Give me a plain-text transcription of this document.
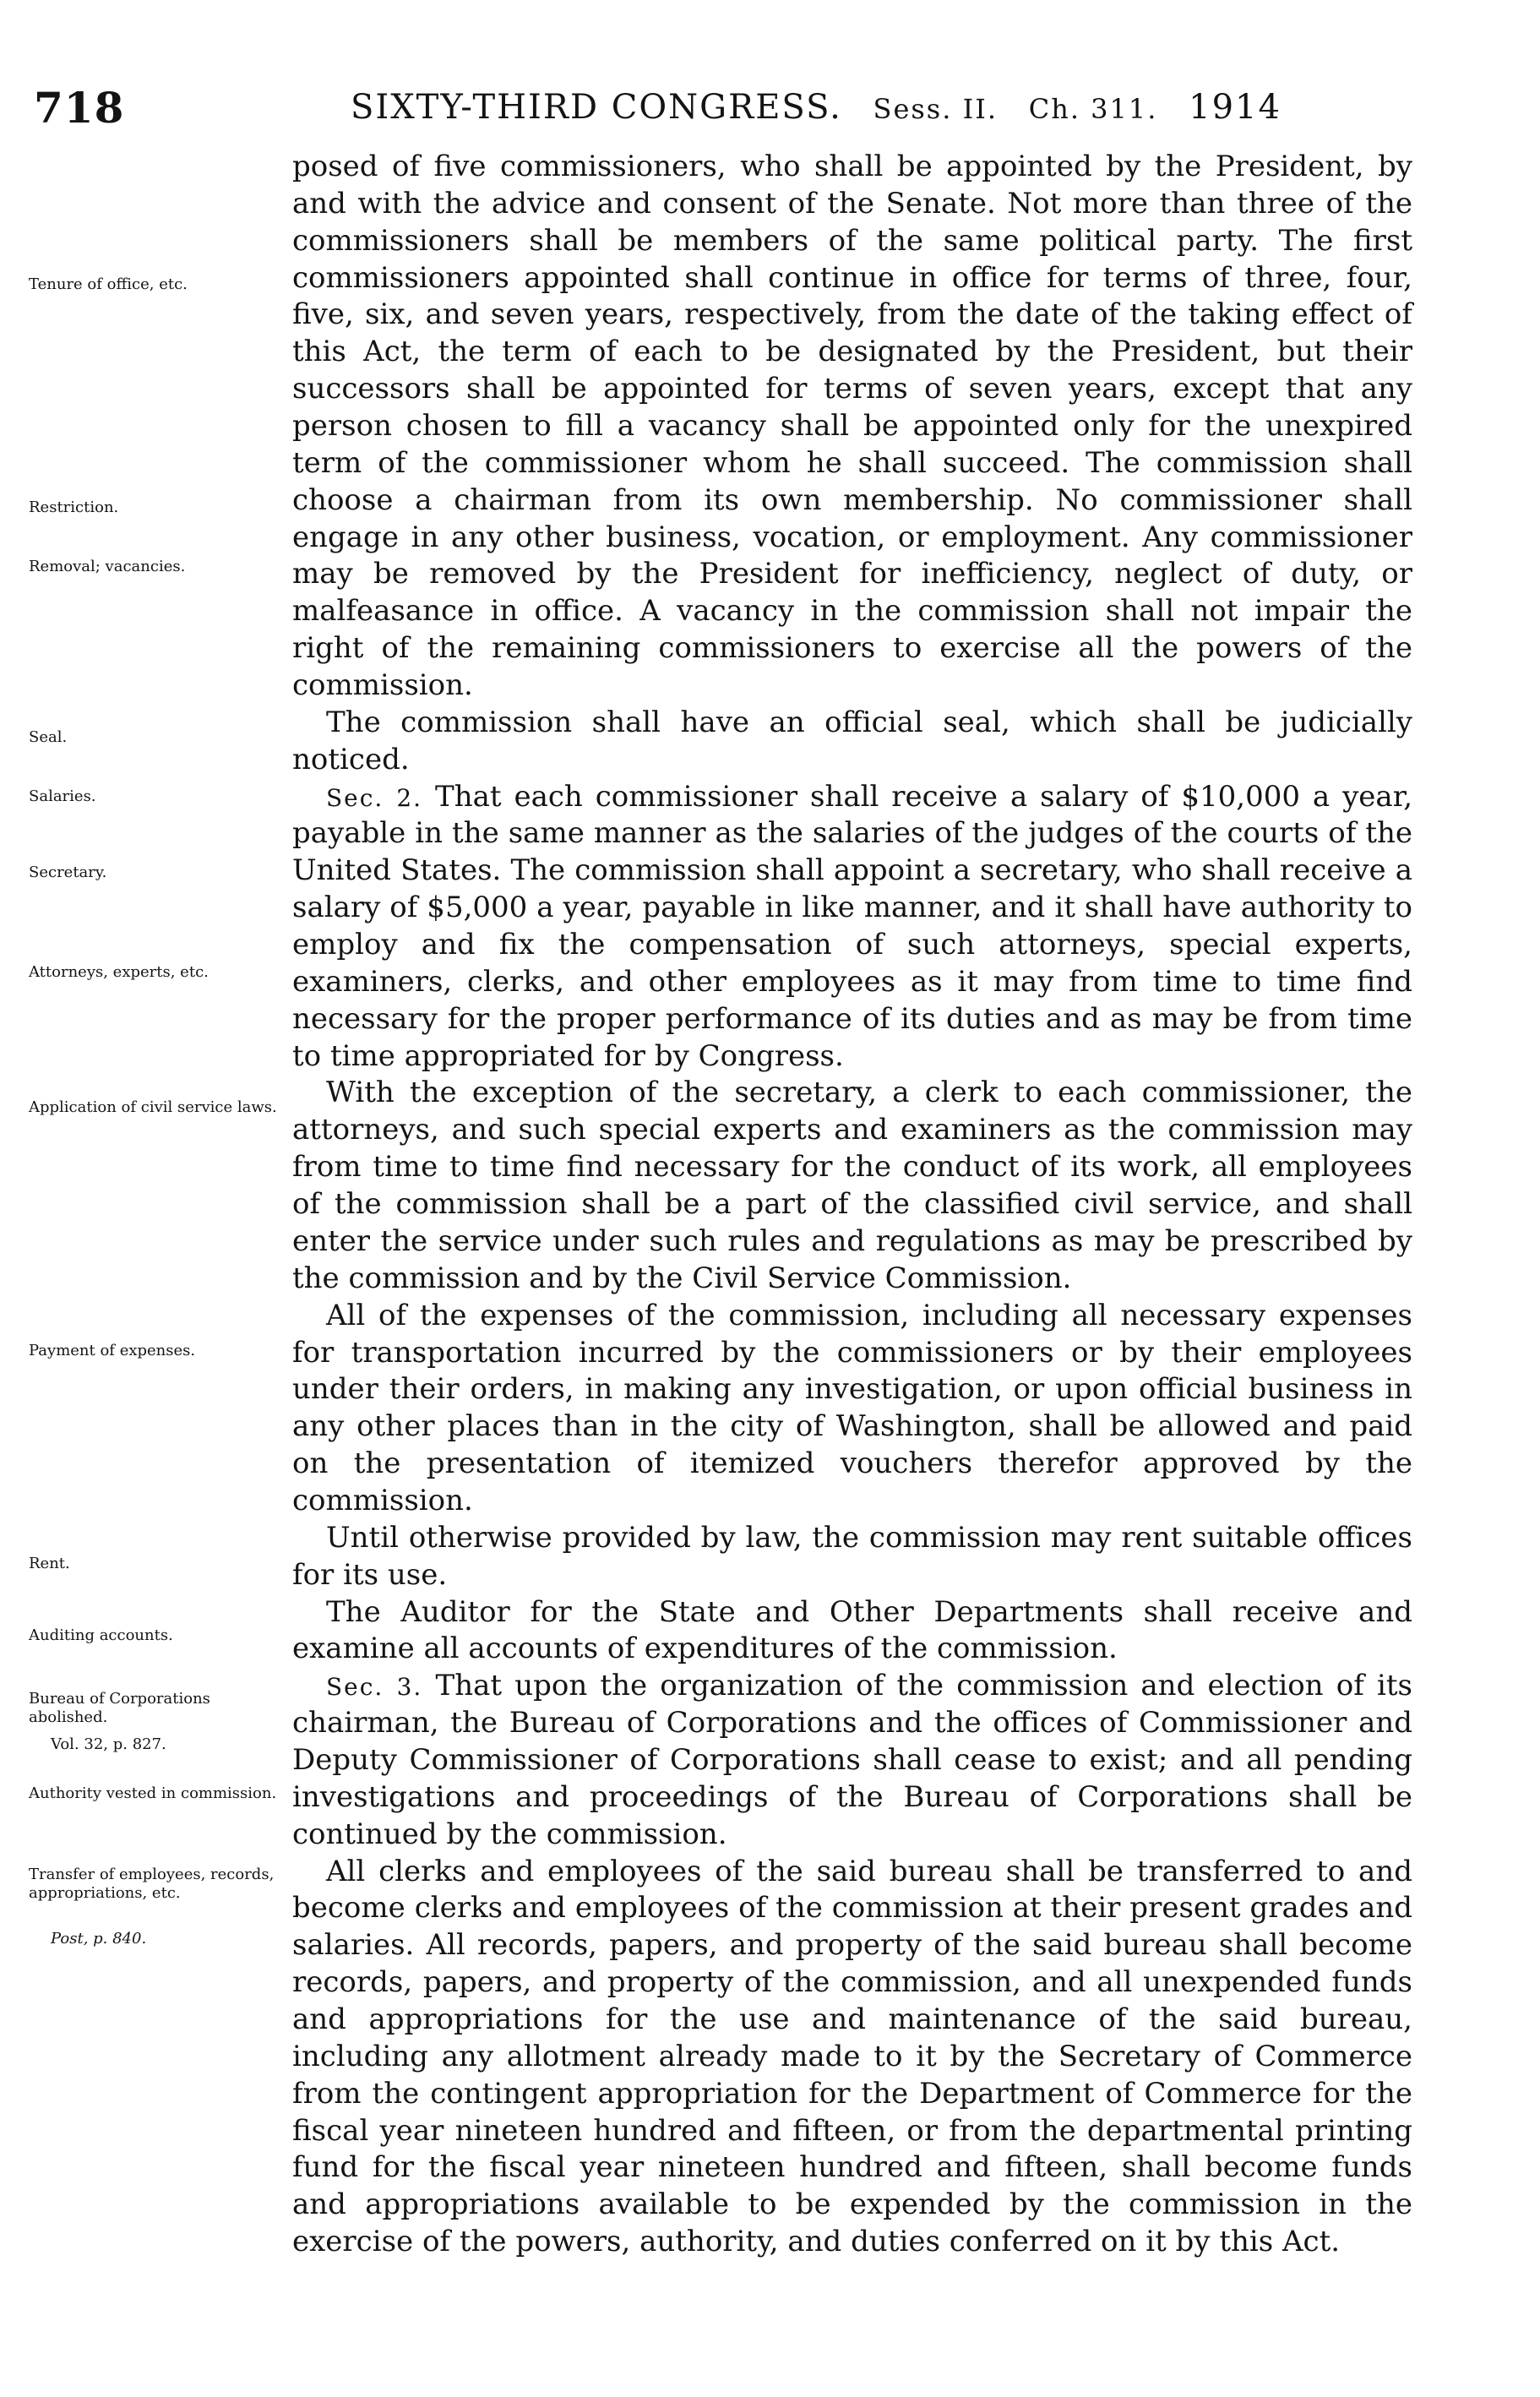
718	SIXTY-THIRD CONGRESS. Sess. II. Ch. 311. 1914
Tenure of office, etc.
Restriction.
Removal; vacancies.
Seal.
Salaries.
Secretary.
Attorneys, experts, etc.
Application of civil service laws.
Payment of expenses.
Rent.
Auditing accounts.
Bureau of Corporations abolished.
Vol. 32, p. 827.
Authority vested in commission.
Transfer of employees, records, appropriations, etc.
Post, p. 840.

posed of five commissioners, who shall be appointed by the President, by and with the advice and consent of the Senate. Not more than three of the commissioners shall be members of the same political party. The first commissioners appointed shall continue in office for terms of three, four, five, six, and seven years, respectively, from the date of the taking effect of this Act, the term of each to be designated by the President, but their successors shall be appointed for terms of seven years, except that any person chosen to fill a vacancy shall be appointed only for the unexpired term of the commissioner whom he shall succeed. The commission shall choose a chairman from its own membership. No commissioner shall engage in any other business, vocation, or employment. Any commissioner may be removed by the President for inefficiency, neglect of duty, or malfeasance in office. A vacancy in the commission shall not impair the right of the remaining commissioners to exercise all the powers of the commission.

The commission shall have an official seal, which shall be judicially noticed.

Sec. 2. That each commissioner shall receive a salary of $10,000 a year, payable in the same manner as the salaries of the judges of the courts of the United States. The commission shall appoint a secretary, who shall receive a salary of $5,000 a year, payable in like manner, and it shall have authority to employ and fix the compensation of such attorneys, special experts, examiners, clerks, and other employees as it may from time to time find necessary for the proper performance of its duties and as may be from time to time appropriated for by Congress.

With the exception of the secretary, a clerk to each commissioner, the attorneys, and such special experts and examiners as the commission may from time to time find necessary for the conduct of its work, all employees of the commission shall be a part of the classified civil service, and shall enter the service under such rules and regulations as may be prescribed by the commission and by the Civil Service Commission.

All of the expenses of the commission, including all necessary expenses for transportation incurred by the commissioners or by their employees under their orders, in making any investigation, or upon official business in any other places than in the city of Washington, shall be allowed and paid on the presentation of itemized vouchers therefor approved by the commission.

Until otherwise provided by law, the commission may rent suitable offices for its use.

The Auditor for the State and Other Departments shall receive and examine all accounts of expenditures of the commission.

Sec. 3. That upon the organization of the commission and election of its chairman, the Bureau of Corporations and the offices of Commissioner and Deputy Commissioner of Corporations shall cease to exist; and all pending investigations and proceedings of the Bureau of Corporations shall be continued by the commission.

All clerks and employees of the said bureau shall be transferred to and become clerks and employees of the commission at their present grades and salaries. All records, papers, and property of the said bureau shall become records, papers, and property of the commission, and all unexpended funds and appropriations for the use and maintenance of the said bureau, including any allotment already made to it by the Secretary of Commerce from the contingent appropriation for the Department of Commerce for the fiscal year nineteen hundred and fifteen, or from the departmental printing fund for the fiscal year nineteen hundred and fifteen, shall become funds and appropriations available to be expended by the commission in the exercise of the powers, authority, and duties conferred on it by this Act.
